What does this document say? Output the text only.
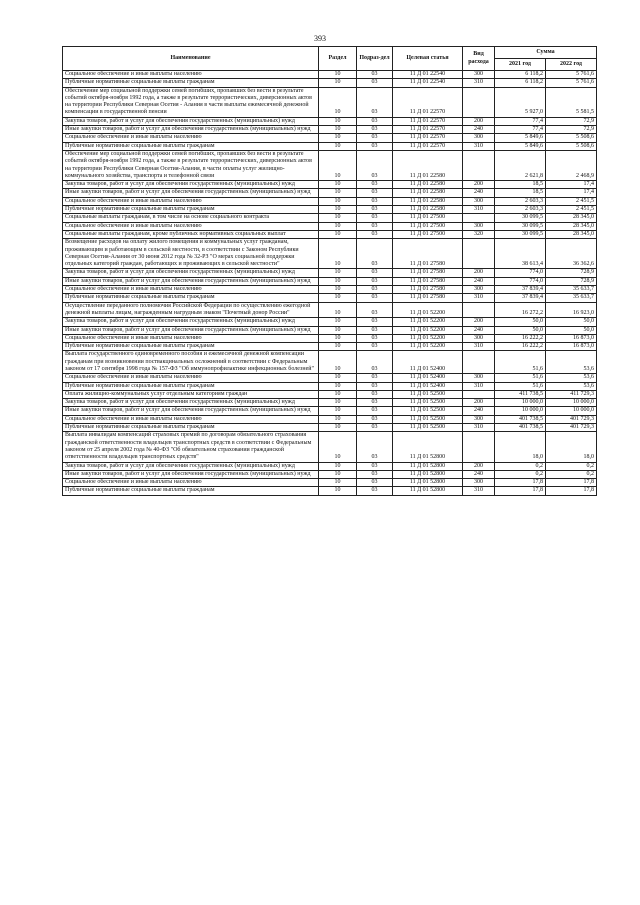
393
Наименование	Раздел	Подраз-дел	Целевая статья	Вид расхода	Сумма	
					2021 год	2022 год
Социальное обеспечение и иные выплаты населению	10	03	11 Д 01 22540	300	6 118,2	5 761,6
Публичные нормативные социальные выплаты гражданам	10	03	11 Д 01 22540	310	6 118,2	5 761,6
Обеспечение мер социальной поддержки семей погибших, пропавших без вести в результате событий октября-ноября 1992 года, а также в результате террористических, диверсионных актов на территории Республики Северная Осетия - Алания в части выплаты ежемесячной денежной компенсации в государственной пенсии	10	03	11 Д 01 22570		5 927,0	5 581,5
Закупка товаров, работ и услуг для обеспечения государственных (муниципальных) нужд	10	03	11 Д 01 22570	200	77,4	72,9
Иные закупки товаров, работ и услуг для обеспечения государственных (муниципальных) нужд	10	03	11 Д 01 22570	240	77,4	72,9
Социальное обеспечение и иные выплаты населению	10	03	11 Д 01 22570	300	5 849,6	5 508,6
Публичные нормативные социальные выплаты гражданам	10	03	11 Д 01 22570	310	5 849,6	5 508,6
Обеспечение мер социальной поддержки семей погибших, пропавших без вести в результате событий октября-ноября 1992 года, а также в результате террористических, диверсионных актов на территории Республики Северная Осетия-Алания, в части оплаты услуг жилищно-коммунального хозяйства, транспорта и телефонной связи	10	03	11 Д 01 22580		2 621,8	2 468,9
Закупка товаров, работ и услуг для обеспечения государственных (муниципальных) нужд	10	03	11 Д 01 22580	200	18,5	17,4
Иные закупки товаров, работ и услуг для обеспечения государственных (муниципальных) нужд	10	03	11 Д 01 22580	240	18,5	17,4
Социальное обеспечение и иные выплаты населению	10	03	11 Д 01 22580	300	2 603,3	2 451,5
Публичные нормативные социальные выплаты гражданам	10	03	11 Д 01 22580	310	2 603,3	2 451,5
Социальные выплаты гражданам, в том числе на основе социального контракта	10	03	11 Д 01 27500		30 099,5	28 345,0
Социальное обеспечение и иные выплаты населению	10	03	11 Д 01 27500	300	30 099,5	28 345,0
Социальные выплаты гражданам, кроме публичных нормативных социальных выплат	10	03	11 Д 01 27500	320	30 099,5	28 345,0
Возмещение расходов на оплату жилого помещения и коммунальных услуг гражданам, проживающим и работающим в сельской местности, в соответствии с Законом Республики Северная Осетия-Алания от 30 июня 2012 года № 32-РЗ "О мерах социальной поддержки отдельных категорий граждан, работающих и проживающих в сельской местности"	10	03	11 Д 01 27580		38 613,4	36 362,6
Закупка товаров, работ и услуг для обеспечения государственных (муниципальных) нужд	10	03	11 Д 01 27580	200	774,0	728,9
Иные закупки товаров, работ и услуг для обеспечения государственных (муниципальных) нужд	10	03	11 Д 01 27580	240	774,0	728,9
Социальное обеспечение и иные выплаты населению	10	03	11 Д 01 27580	300	37 839,4	35 633,7
Публичные нормативные социальные выплаты гражданам	10	03	11 Д 01 27580	310	37 839,4	35 633,7
Осуществление переданного полномочия Российской Федерации по осуществлению ежегодной денежной выплаты лицам, награжденным нагрудным знаком "Почетный донор России"	10	03	11 Д 01 52200		16 272,2	16 923,0
Закупка товаров, работ и услуг для обеспечения государственных (муниципальных) нужд	10	03	11 Д 01 52200	200	50,0	50,0
Иные закупки товаров, работ и услуг для обеспечения государственных (муниципальных) нужд	10	03	11 Д 01 52200	240	50,0	50,0
Социальное обеспечение и иные выплаты населению	10	03	11 Д 01 52200	300	16 222,2	16 873,0
Публичные нормативные социальные выплаты гражданам	10	03	11 Д 01 52200	310	16 222,2	16 873,0
Выплата государственного единовременного пособия и ежемесячной денежной компенсации гражданам при возникновении поствакцинальных осложнений в соответствии с Федеральным законом от 17 сентября 1998 года № 157-ФЗ "Об иммунопрофилактике инфекционных болезней"	10	03	11 Д 01 52400		51,6	53,6
Социальное обеспечение и иные выплаты населению	10	03	11 Д 01 52400	300	51,6	53,6
Публичные нормативные социальные выплаты гражданам	10	03	11 Д 01 52400	310	51,6	53,6
Оплата жилищно-коммунальных услуг отдельным категориям граждан	10	03	11 Д 01 52500		411 738,5	411 729,3
Закупка товаров, работ и услуг для обеспечения государственных (муниципальных) нужд	10	03	11 Д 01 52500	200	10 000,0	10 000,0
Иные закупки товаров, работ и услуг для обеспечения государственных (муниципальных) нужд	10	03	11 Д 01 52500	240	10 000,0	10 000,0
Социальное обеспечение и иные выплаты населению	10	03	11 Д 01 52500	300	401 738,5	401 729,3
Публичные нормативные социальные выплаты гражданам	10	03	11 Д 01 52500	310	401 738,5	401 729,3
Выплата инвалидам компенсаций страховых премий по договорам обязательного страхования гражданской ответственности владельцев транспортных средств в соответствии с Федеральным законом от 25 апреля 2002 года № 40-ФЗ "Об обязательном страховании гражданской ответственности владельцев транспортных средств"	10	03	11 Д 01 52800		18,0	18,0
Закупка товаров, работ и услуг для обеспечения государственных (муниципальных) нужд	10	03	11 Д 01 52800	200	0,2	0,2
Иные закупки товаров, работ и услуг для обеспечения государственных (муниципальных) нужд	10	03	11 Д 01 52800	240	0,2	0,2
Социальное обеспечение и иные выплаты населению	10	03	11 Д 01 52800	300	17,8	17,8
Публичные нормативные социальные выплаты гражданам	10	03	11 Д 01 52800	310	17,8	17,8
